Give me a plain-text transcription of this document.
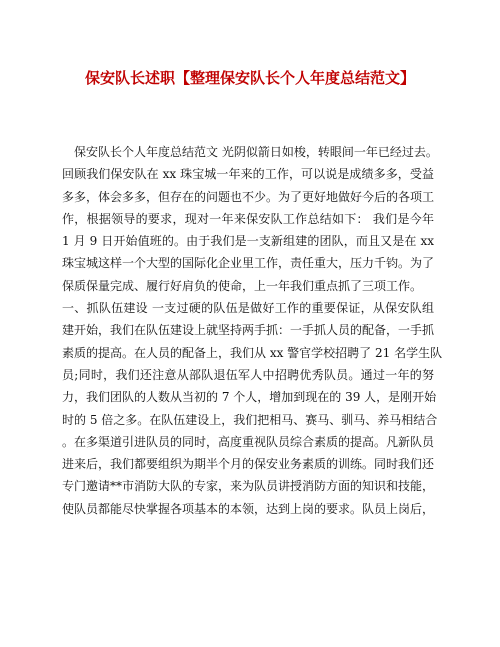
保安队长述职【整理保安队长个人年度总结范文】
保安队长个人年度总结范文 光阴似箭日如梭，转眼间一年已经过去。
回顾我们保安队在 xx 珠宝城一年来的工作，可以说是成绩多多，受益
多多，体会多多，但存在的问题也不少。为了更好地做好今后的各项工
作，根据领导的要求，现对一年来保安队工作总结如下： 我们是今年
1 月 9 日开始值班的。由于我们是一支新组建的团队，而且又是在 xx
珠宝城这样一个大型的国际化企业里工作，责任重大，压力千钧。为了
保质保量完成、履行好肩负的使命，上一年我们重点抓了三项工作。
一、抓队伍建设 一支过硬的队伍是做好工作的重要保证，从保安队组
建开始，我们在队伍建设上就坚持两手抓：一手抓人员的配备，一手抓
素质的提高。在人员的配备上，我们从 xx 警官学校招聘了 21 名学生队
员;同时，我们还注意从部队退伍军人中招聘优秀队员。通过一年的努
力，我们团队的人数从当初的 7 个人，增加到现在的 39 人，是刚开始
时的 5 倍之多。在队伍建设上，我们把相马、赛马、驯马、养马相结合
。在多渠道引进队员的同时，高度重视队员综合素质的提高。凡新队员
进来后，我们都要组织为期半个月的保安业务素质的训练。同时我们还
专门邀请**市消防大队的专家，来为队员讲授消防方面的知识和技能，
使队员都能尽快掌握各项基本的本领，达到上岗的要求。队员上岗后，
